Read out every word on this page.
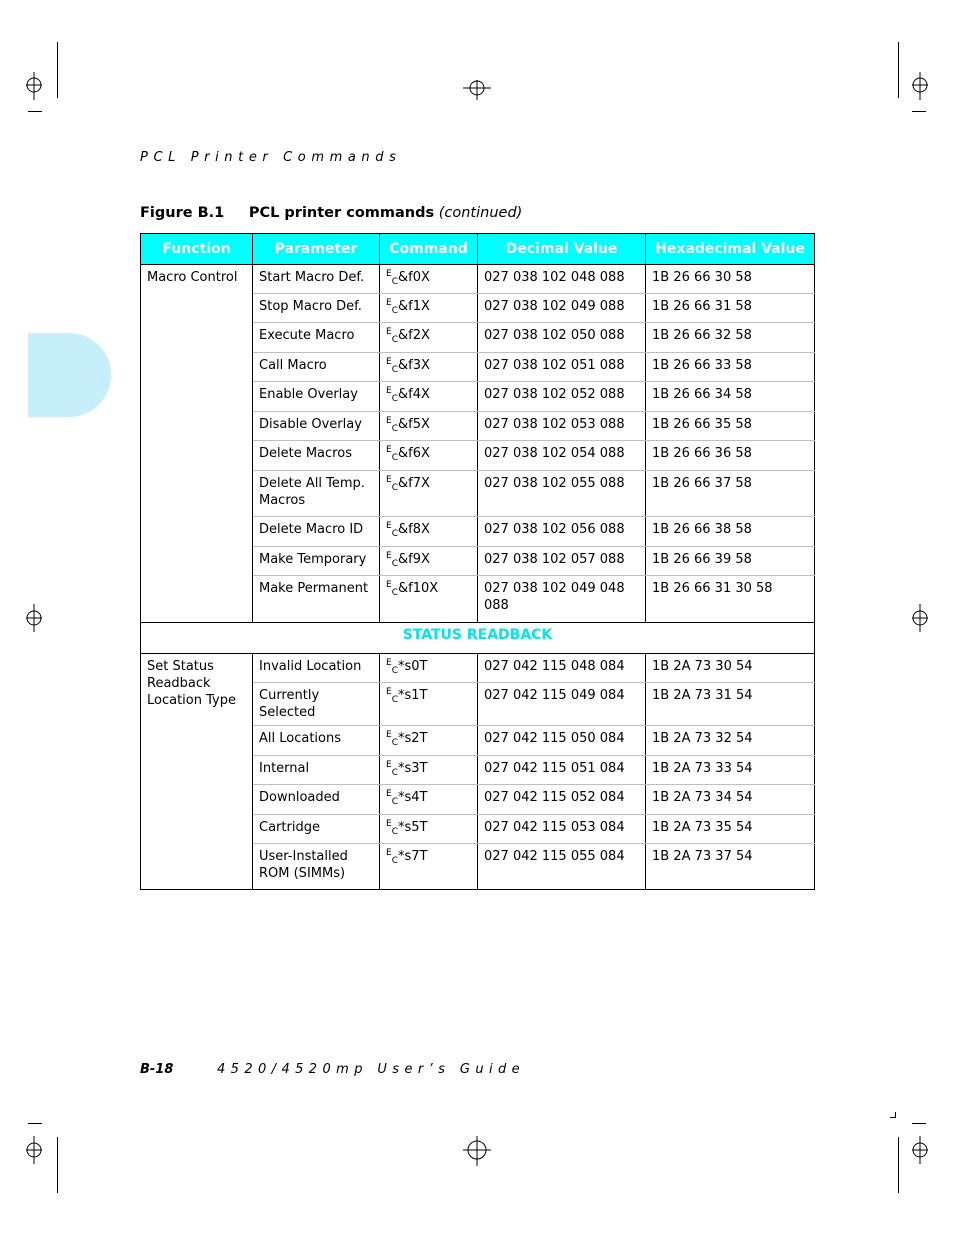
PCL Printer Commands
Figure B.1 PCL printer commands (continued)
Function	Parameter	Command	Decimal Value	Hexadecimal Value
Macro Control	Start Macro Def.	$^E_C$&f0X	027 038 102 048 088	1B 26 66 30 58
	Stop Macro Def.	$^E_C$&f1X	027 038 102 049 088	1B 26 66 31 58
	Execute Macro	$^E_C$&f2X	027 038 102 050 088	1B 26 66 32 58
	Call Macro	$^E_C$&f3X	027 038 102 051 088	1B 26 66 33 58
	Enable Overlay	$^E_C$&f4X	027 038 102 052 088	1B 26 66 34 58
	Disable Overlay	$^E_C$&f5X	027 038 102 053 088	1B 26 66 35 58
	Delete Macros	$^E_C$&f6X	027 038 102 054 088	1B 26 66 36 58
	Delete All Temp. Macros	$^E_C$&f7X	027 038 102 055 088	1B 26 66 37 58
	Delete Macro ID	$^E_C$&f8X	027 038 102 056 088	1B 26 66 38 58
	Make Temporary	$^E_C$&f9X	027 038 102 057 088	1B 26 66 39 58
	Make Permanent	$^E_C$&f10X	027 038 102 049 048 088	1B 26 66 31 30 58
STATUS READBACK				
Set Status Readback Location Type	Invalid Location	$^E_C$*s0T	027 042 115 048 084	1B 2A 73 30 54
	Currently Selected	$^E_C$*s1T	027 042 115 049 084	1B 2A 73 31 54
	All Locations	$^E_C$*s2T	027 042 115 050 084	1B 2A 73 32 54
	Internal	$^E_C$*s3T	027 042 115 051 084	1B 2A 73 33 54
	Downloaded	$^E_C$*s4T	027 042 115 052 084	1B 2A 73 34 54
	Cartridge	$^E_C$*s5T	027 042 115 053 084	1B 2A 73 35 54
	User-Installed ROM (SIMMs)	$^E_C$*s7T	027 042 115 055 084	1B 2A 73 37 54
B-18	4520/4520mp User’s Guide
